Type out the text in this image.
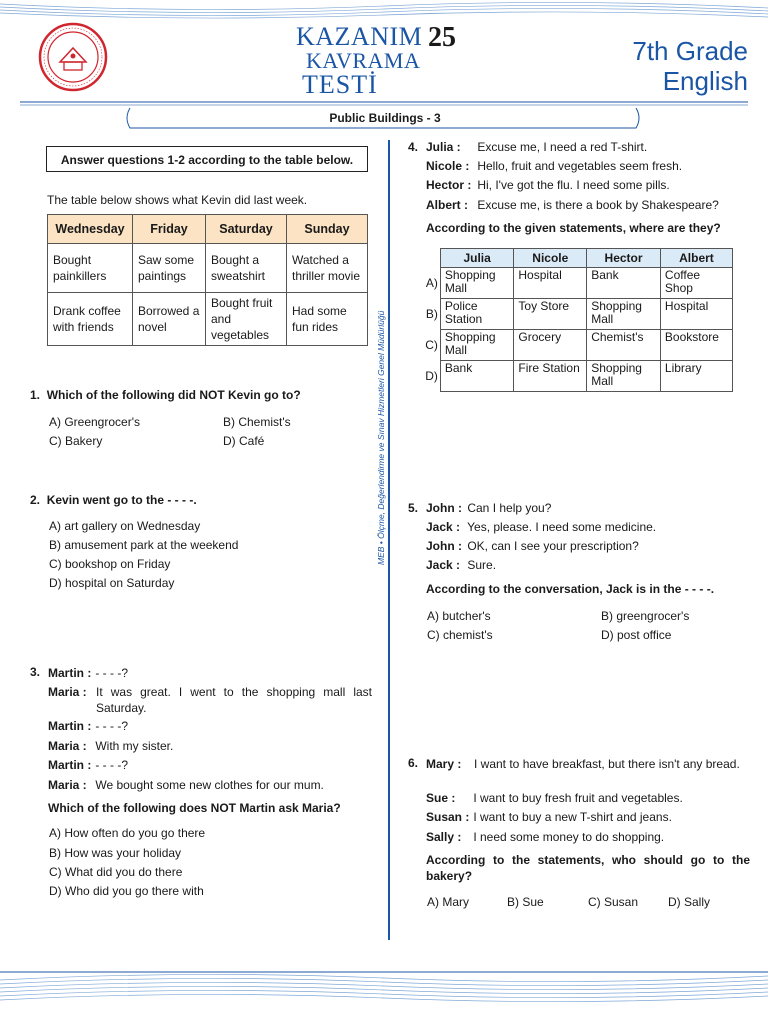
KAZANIM
KAVRAMA
TESTİ
25	7th Grade
English
Public Buildings - 3
MEB • Ölçme, Değerlendirme ve Sınav Hizmetleri Genel Müdürlüğü
Answer questions 1-2 according to the table below.
The table below shows what Kevin did last week.
Wednesday	Friday	Saturday	Sunday
Bought painkillers	Saw some paintings	Bought a sweatshirt	Watched a thriller movie
Drank coffee with friends	Borrowed a novel	Bought fruit and vegetables	Had some fun rides
1. Which of the following did NOT Kevin go to?
A) Greengrocer's	B) Chemist's
C) Bakery	D) Café
2. Kevin went go to the - - - -.
A) art gallery on Wednesday
B) amusement park at the weekend
C) bookshop on Friday
D) hospital on Saturday
3. Martin : - - - -?
Maria : It was great. I went to the shopping mall last Saturday.
Martin : - - - -?
Maria : With my sister.
Martin : - - - -?
Maria : We bought some new clothes for our mum.
Which of the following does NOT Martin ask Maria?
A) How often do you go there
B) How was your holiday
C) What did you do there
D) Who did you go there with
4. Julia : Excuse me, I need a red T-shirt.
Nicole : Hello, fruit and vegetables seem fresh.
Hector : Hi, I've got the flu. I need some pills.
Albert : Excuse me, is there a book by Shakespeare?
According to the given statements, where are they?
	Julia	Nicole	Hector	Albert
A)	Shopping Mall	Hospital	Bank	Coffee Shop
B)	Police Station	Toy Store	Shopping Mall	Hospital
C)	Shopping Mall	Grocery	Chemist's	Bookstore
D)	Bank	Fire Station	Shopping Mall	Library
5. John : Can I help you?
Jack : Yes, please. I need some medicine.
John : OK, can I see your prescription?
Jack : Sure.
According to the conversation, Jack is in the - - - -.
A) butcher's	B) greengrocer's
C) chemist's	D) post office
6. Mary :	I want to have breakfast, but there isn't any bread.
Sue : I want to buy fresh fruit and vegetables.
Susan : I want to buy a new T-shirt and jeans.
Sally : I need some money to do shopping.
According to the statements, who should go to the bakery?
A) Mary	B) Sue	C) Susan D) Sally
